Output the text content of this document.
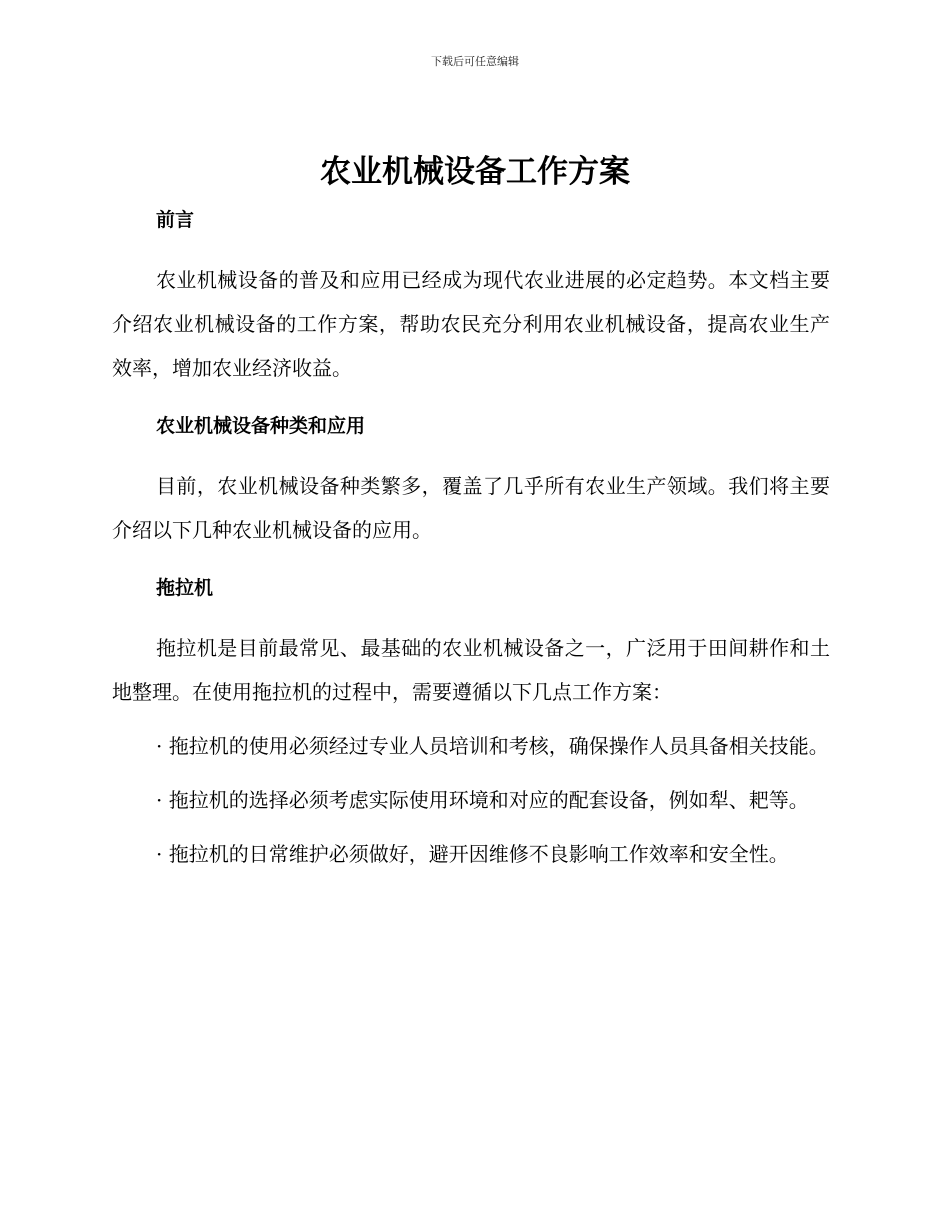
下载后可任意编辑
农业机械设备工作方案
前言

农业机械设备的普及和应用已经成为现代农业进展的必定趋势。本文档主要介绍农业机械设备的工作方案，帮助农民充分利用农业机械设备，提高农业生产效率，增加农业经济收益。

农业机械设备种类和应用

目前，农业机械设备种类繁多，覆盖了几乎所有农业生产领域。我们将主要介绍以下几种农业机械设备的应用。

拖拉机

拖拉机是目前最常见、最基础的农业机械设备之一，广泛用于田间耕作和土地整理。在使用拖拉机的过程中，需要遵循以下几点工作方案：

· 拖拉机的使用必须经过专业人员培训和考核，确保操作人员具备相关技能。

· 拖拉机的选择必须考虑实际使用环境和对应的配套设备，例如犁、耙等。

· 拖拉机的日常维护必须做好，避开因维修不良影响工作效率和安全性。
